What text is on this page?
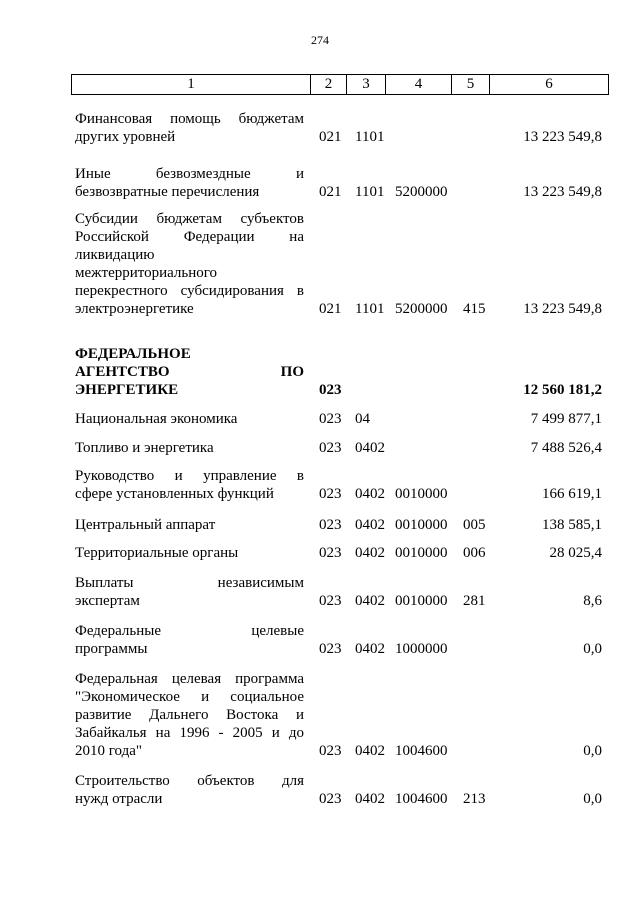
274
1	2	3	4	5	6
Финансовая помощь бюджетам
других уровней	021 1101	13 223 549,8
Иные безвозмездные и
безвозвратные перечисления	021 1101 5200000	13 223 549,8
Субсидии бюджетам субъектов
Российской Федерации на
ликвидацию
межтерриториального
перекрестного субсидирования в
электроэнергетике	021 1101 5200000 415	13 223 549,8
ФЕДЕРАЛЬНОЕ
АГЕНТСТВО ПО
ЭНЕРГЕТИКЕ	023	12 560 181,2
Национальная экономика	023 04	7 499 877,1
Топливо и энергетика	023 0402	7 488 526,4
Руководство и управление в
сфере установленных функций	023 0402 0010000	166 619,1
Центральный аппарат	023 0402 0010000 005	138 585,1
Территориальные органы	023 0402 0010000 006	28 025,4
Выплаты независимым
экспертам	023 0402 0010000 281	8,6
Федеральные целевые
программы	023 0402 1000000	0,0
Федеральная целевая программа
"Экономическое и социальное
развитие Дальнего Востока и
Забайкалья на 1996 - 2005 и до
2010 года"	023 0402 1004600	0,0
Строительство объектов для
нужд отрасли	023 0402 1004600 213	0,0
